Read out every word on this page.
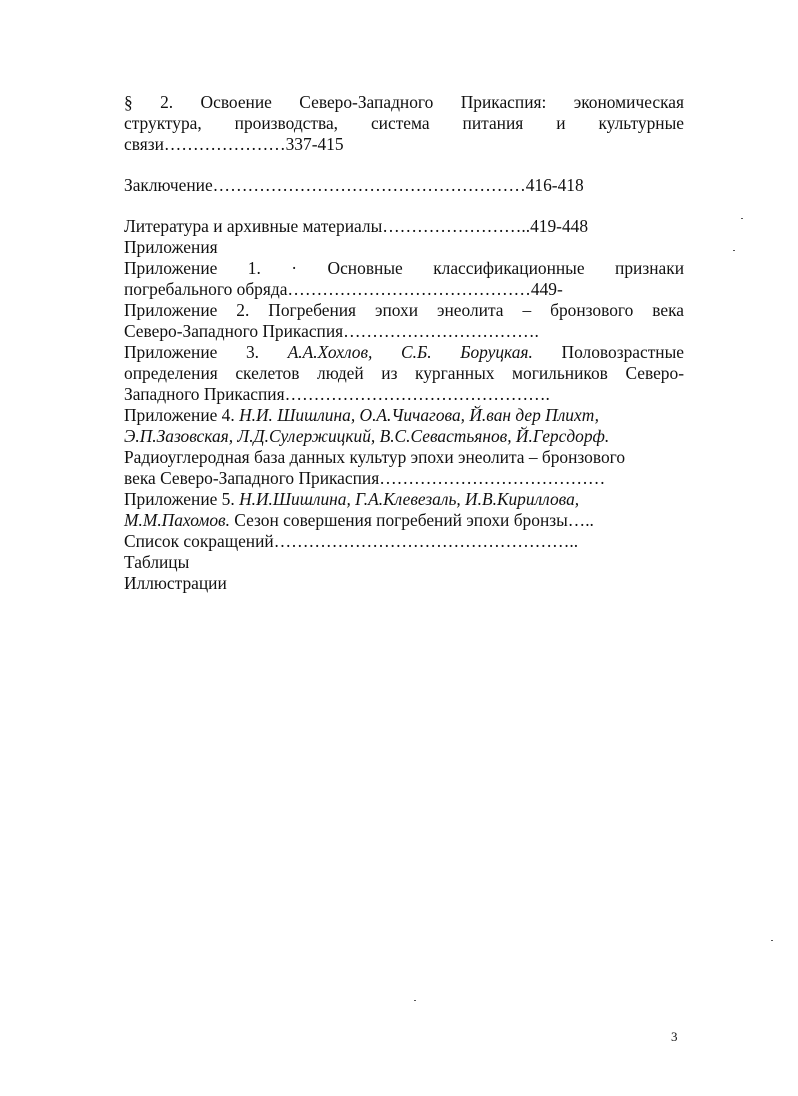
§ 2. Освоение Северо-Западного Прикаспия: экономическая
структура, производства, система питания и культурные
связи…………………337-415
Заключение………………………………………………416-418
Литература и архивные материалы……………………..419-448
Приложения
Приложение 1. · Основные классификационные признаки
погребального обряда……………………………………449-
Приложение 2. Погребения эпохи энеолита – бронзового века
Северо-Западного Прикаспия…………………………….
Приложение 3. А.А.Хохлов, С.Б. Боруцкая. Половозрастные
определения скелетов людей из курганных могильников Северо-
Западного Прикаспия……………………………………….
Приложение 4. Н.И. Шишлина, О.А.Чичагова, Й.ван дер Плихт,
Э.П.Зазовская, Л.Д.Сулержицкий, В.С.Севастьянов, Й.Герсдорф.
Радиоуглеродная база данных культур эпохи энеолита – бронзового
века Северо-Западного Прикаспия…………………………………
Приложение 5. Н.И.Шишлина, Г.А.Клевезаль, И.В.Кириллова,
М.М.Пахомов. Сезон совершения погребений эпохи бронзы…..
Список сокращений……………………………………………..
Таблицы
Иллюстрации
3
